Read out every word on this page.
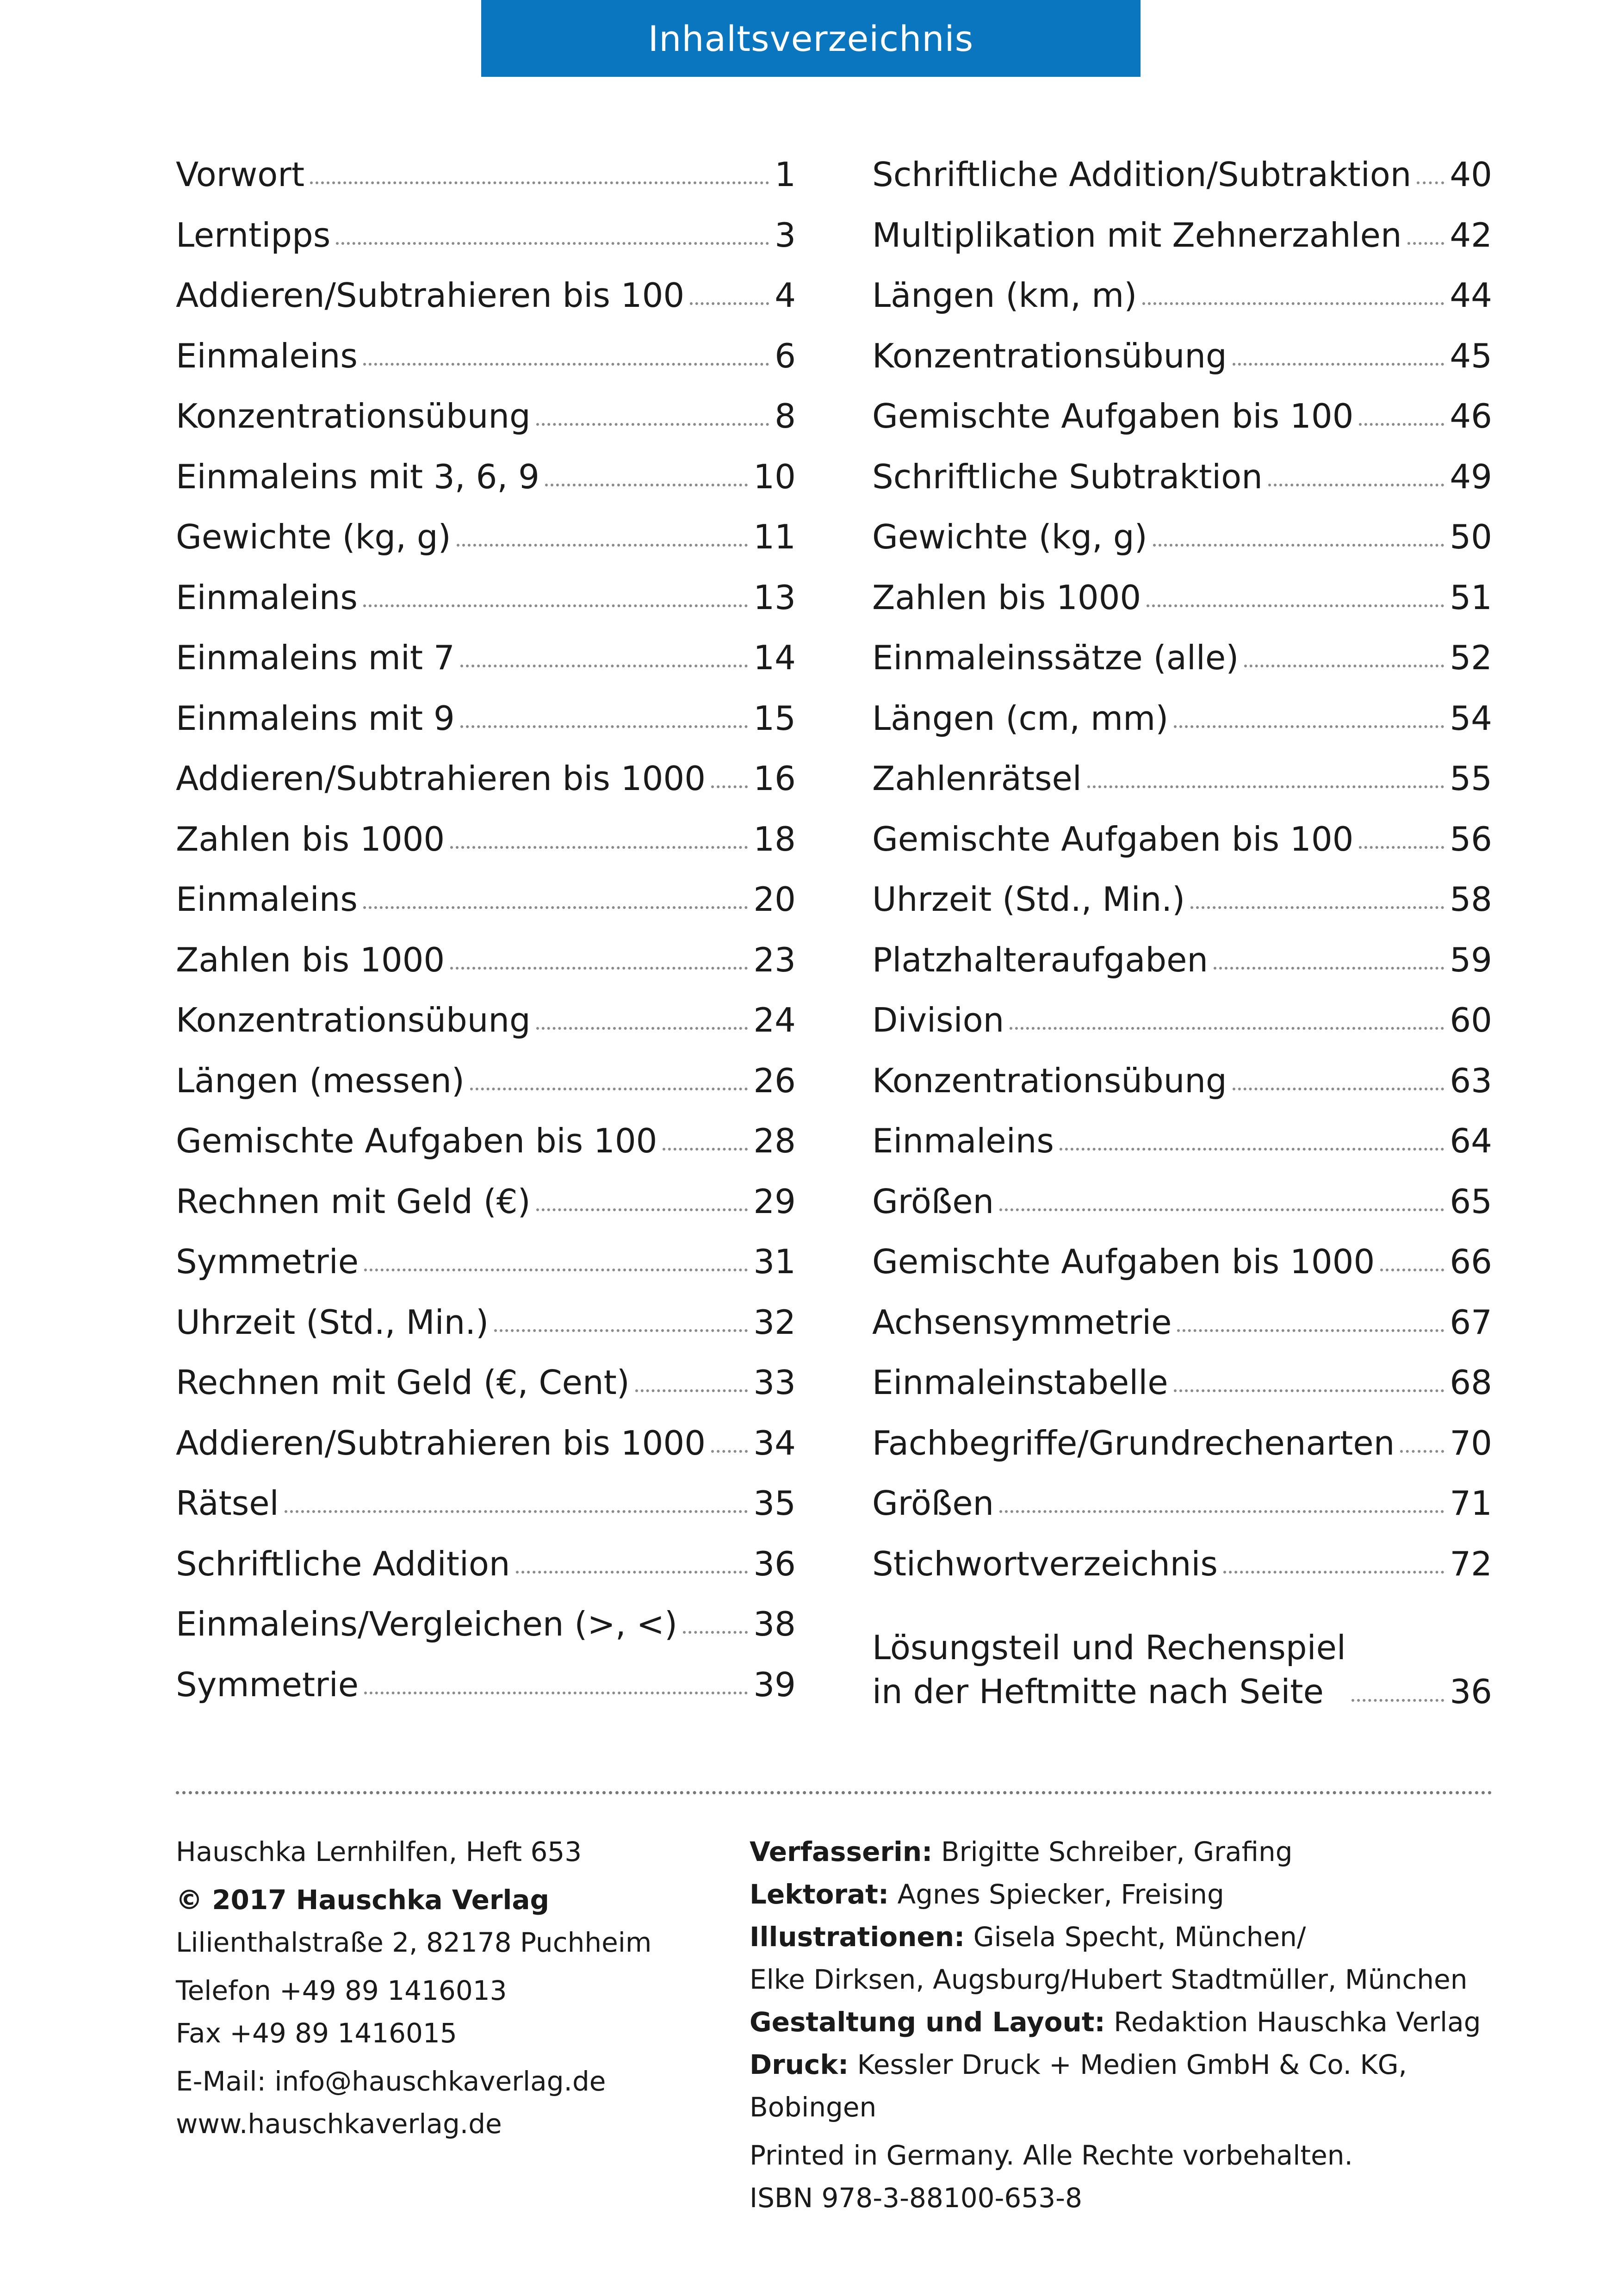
Inhaltsverzeichnis
Vorwort	1
Lerntipps	3
Addieren/Subtrahieren bis 100	4
Einmaleins	6
Konzentrationsübung	8
Einmaleins mit 3, 6, 9	10
Gewichte (kg, g)	11
Einmaleins	13
Einmaleins mit 7	14
Einmaleins mit 9	15
Addieren/Subtrahieren bis 1000 16
Zahlen bis 1000	18
Einmaleins	20
Zahlen bis 1000	23
Konzentrationsübung	24
Längen (messen)	26
Gemischte Aufgaben bis 100	28
Rechnen mit Geld (€)	29
Symmetrie	31
Uhrzeit (Std., Min.)	32
Rechnen mit Geld (€, Cent)	33
Addieren/Subtrahieren bis 1000 34
Rätsel	35
Schriftliche Addition	36
Einmaleins/Vergleichen (>, <) 38
Symmetrie	39
Schriftliche Addition/Subtraktion 40
Multiplikation mit Zehnerzahlen 42
Längen (km, m)	44
Konzentrationsübung	45
Gemischte Aufgaben bis 100	46
Schriftliche Subtraktion	49
Gewichte (kg, g)	50
Zahlen bis 1000	51
Einmaleinssätze (alle)	52
Längen (cm, mm)	54
Zahlenrätsel	55
Gemischte Aufgaben bis 100	56
Uhrzeit (Std., Min.)	58
Platzhalteraufgaben	59
Division	60
Konzentrationsübung	63
Einmaleins	64
Größen	65
Gemischte Aufgaben bis 1000 66
Achsensymmetrie	67
Einmaleinstabelle	68
Fachbegriffe/Grundrechenarten 70
Größen	71
Stichwortverzeichnis	72
Lösungsteil und Rechenspiel
in der Heftmitte nach Seite	36

Hauschka Lernhilfen, Heft 653

© 2017 Hauschka Verlag

Lilienthalstraße 2, 82178 Puchheim

Telefon +49 89 1416013

Fax +49 89 1416015

E-Mail: info@hauschkaverlag.de

www.hauschkaverlag.de

Verfasserin: Brigitte Schreiber, Grafing

Lektorat: Agnes Spiecker, Freising

Illustrationen: Gisela Specht, München/

Elke Dirksen, Augsburg/Hubert Stadtmüller, München

Gestaltung und Layout: Redaktion Hauschka Verlag

Druck: Kessler Druck + Medien GmbH & Co. KG, Bobingen

Printed in Germany. Alle Rechte vorbehalten.

ISBN 978-3-88100-653-8
